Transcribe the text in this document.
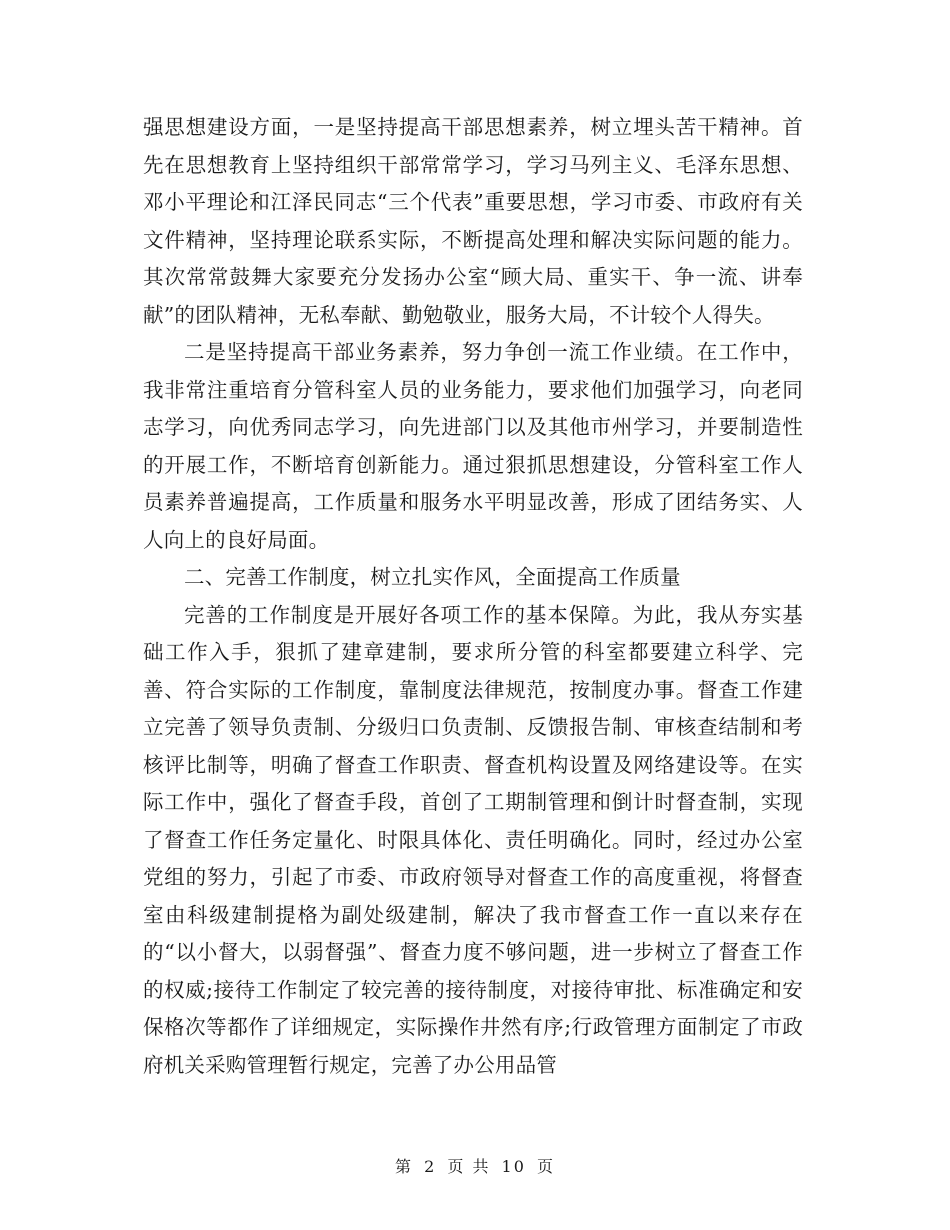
强思想建设方面，一是坚持提高干部思想素养，树立埋头苦干精神。首先在思想教育上坚持组织干部常常学习，学习马列主义、毛泽东思想、邓小平理论和江泽民同志“三个代表”重要思想，学习市委、市政府有关文件精神，坚持理论联系实际，不断提高处理和解决实际问题的能力。其次常常鼓舞大家要充分发扬办公室“顾大局、重实干、争一流、讲奉献”的团队精神，无私奉献、勤勉敬业，服务大局，不计较个人得失。

二是坚持提高干部业务素养，努力争创一流工作业绩。在工作中，我非常注重培育分管科室人员的业务能力，要求他们加强学习，向老同志学习，向优秀同志学习，向先进部门以及其他市州学习，并要制造性的开展工作，不断培育创新能力。通过狠抓思想建设，分管科室工作人员素养普遍提高，工作质量和服务水平明显改善，形成了团结务实、人人向上的良好局面。

二、完善工作制度，树立扎实作风，全面提高工作质量

完善的工作制度是开展好各项工作的基本保障。为此，我从夯实基础工作入手，狠抓了建章建制，要求所分管的科室都要建立科学、完善、符合实际的工作制度，靠制度法律规范，按制度办事。督查工作建立完善了领导负责制、分级归口负责制、反馈报告制、审核查结制和考核评比制等，明确了督查工作职责、督查机构设置及网络建设等。在实际工作中，强化了督查手段，首创了工期制管理和倒计时督查制，实现了督查工作任务定量化、时限具体化、责任明确化。同时，经过办公室党组的努力，引起了市委、市政府领导对督查工作的高度重视，将督查室由科级建制提格为副处级建制，解决了我市督查工作一直以来存在的“以小督大，以弱督强”、督查力度不够问题，进一步树立了督查工作的权威;接待工作制定了较完善的接待制度，对接待审批、标准确定和安保格次等都作了详细规定，实际操作井然有序;行政管理方面制定了市政府机关采购管理暂行规定，完善了办公用品管

第 2 页 共 10 页
